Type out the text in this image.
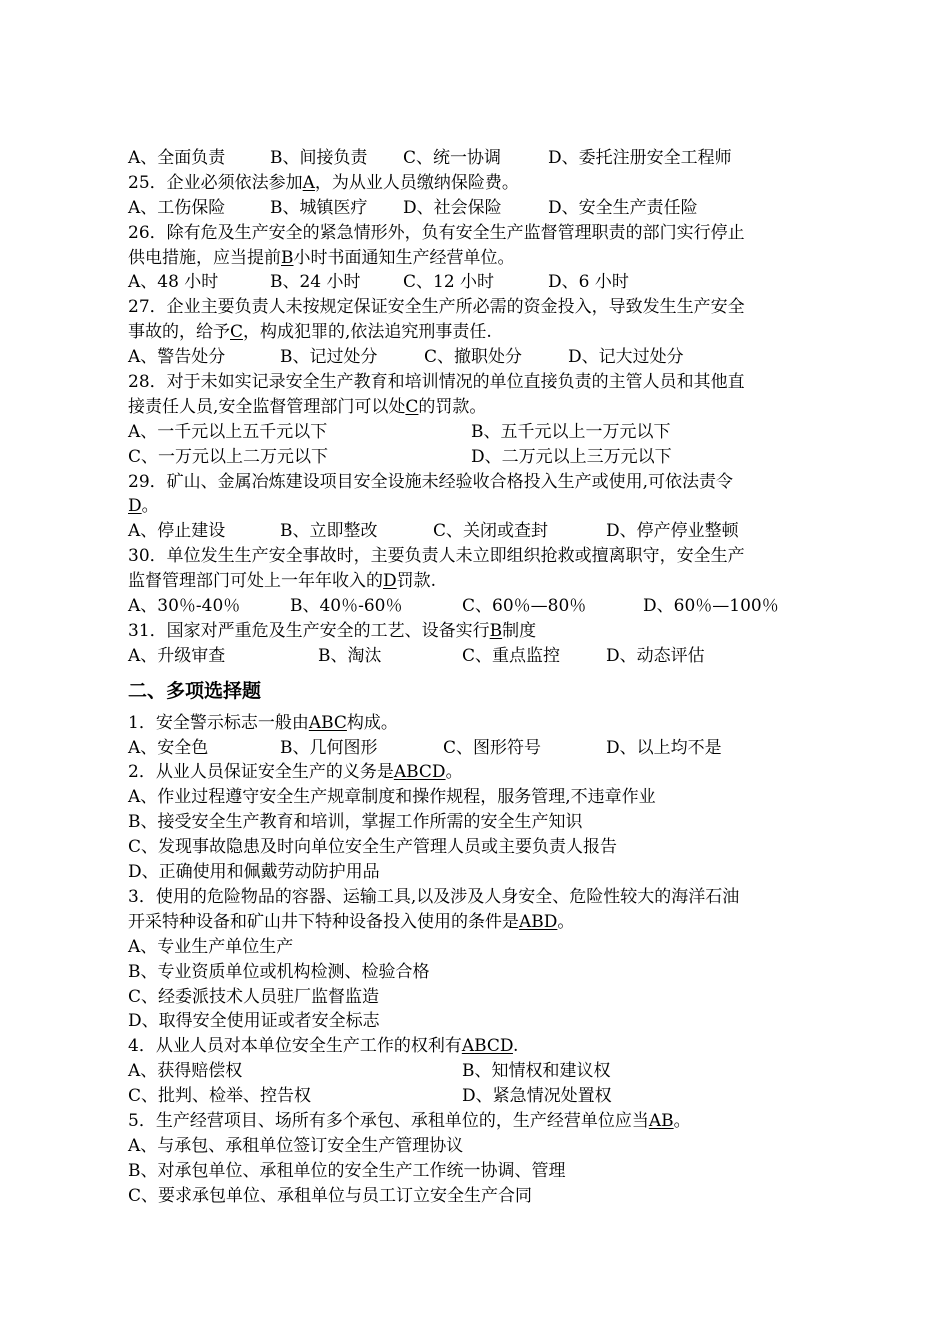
A、全面负责	B、间接负责 C、统一协调	D、委托注册安全工程师
25．企业必须依法参加A，为从业人员缴纳保险费。
A、工伤保险	B、城镇医疗 D、社会保险	D、安全生产责任险
26．除有危及生产安全的紧急情形外，负有安全生产监督管理职责的部门实行停止
供电措施，应当提前B小时书面通知生产经营单位。
A、48 小时	B、24 小时 C、12 小时	D、6 小时
27．企业主要负责人未按规定保证安全生产所必需的资金投入，导致发生生产安全
事故的，给予C，构成犯罪的,依法追究刑事责任.
A、警告处分	B、记过处分	C、撤职处分	D、记大过处分
28．对于未如实记录安全生产教育和培训情况的单位直接负责的主管人员和其他直
接责任人员,安全监督管理部门可以处C的罚款。
A、一千元以上五千元以下	B、五千元以上一万元以下
C、一万元以上二万元以下	D、二万元以上三万元以下
29．矿山、金属冶炼建设项目安全设施未经验收合格投入生产或使用,可依法责令
D。
A、停止建设	B、立即整改	C、关闭或查封	D、停产停业整顿
30．单位发生生产安全事故时，主要负责人未立即组织抢救或擅离职守，安全生产
监督管理部门可处上一年年收入的D罚款.
A、30％-40％	B、40％-60％	C、60％—80％	D、60％—100％
31．国家对严重危及生产安全的工艺、设备实行B制度
A、升级审查	B、淘汰	C、重点监控	D、动态评估
二、多项选择题
1．安全警示标志一般由ABC构成。
A、安全色	B、几何图形	C、图形符号	D、以上均不是
2．从业人员保证安全生产的义务是ABCD。
A、作业过程遵守安全生产规章制度和操作规程，服务管理,不违章作业
B、接受安全生产教育和培训，掌握工作所需的安全生产知识
C、发现事故隐患及时向单位安全生产管理人员或主要负责人报告
D、正确使用和佩戴劳动防护用品
3．使用的危险物品的容器、运输工具,以及涉及人身安全、危险性较大的海洋石油
开采特种设备和矿山井下特种设备投入使用的条件是ABD。
A、专业生产单位生产
B、专业资质单位或机构检测、检验合格
C、经委派技术人员驻厂监督监造
D、取得安全使用证或者安全标志
4．从业人员对本单位安全生产工作的权利有ABCD.
A、获得赔偿权	B、知情权和建议权
C、批判、检举、控告权	D、紧急情况处置权
5．生产经营项目、场所有多个承包、承租单位的，生产经营单位应当AB。
A、与承包、承租单位签订安全生产管理协议
B、对承包单位、承租单位的安全生产工作统一协调、管理
C、要求承包单位、承租单位与员工订立安全生产合同
